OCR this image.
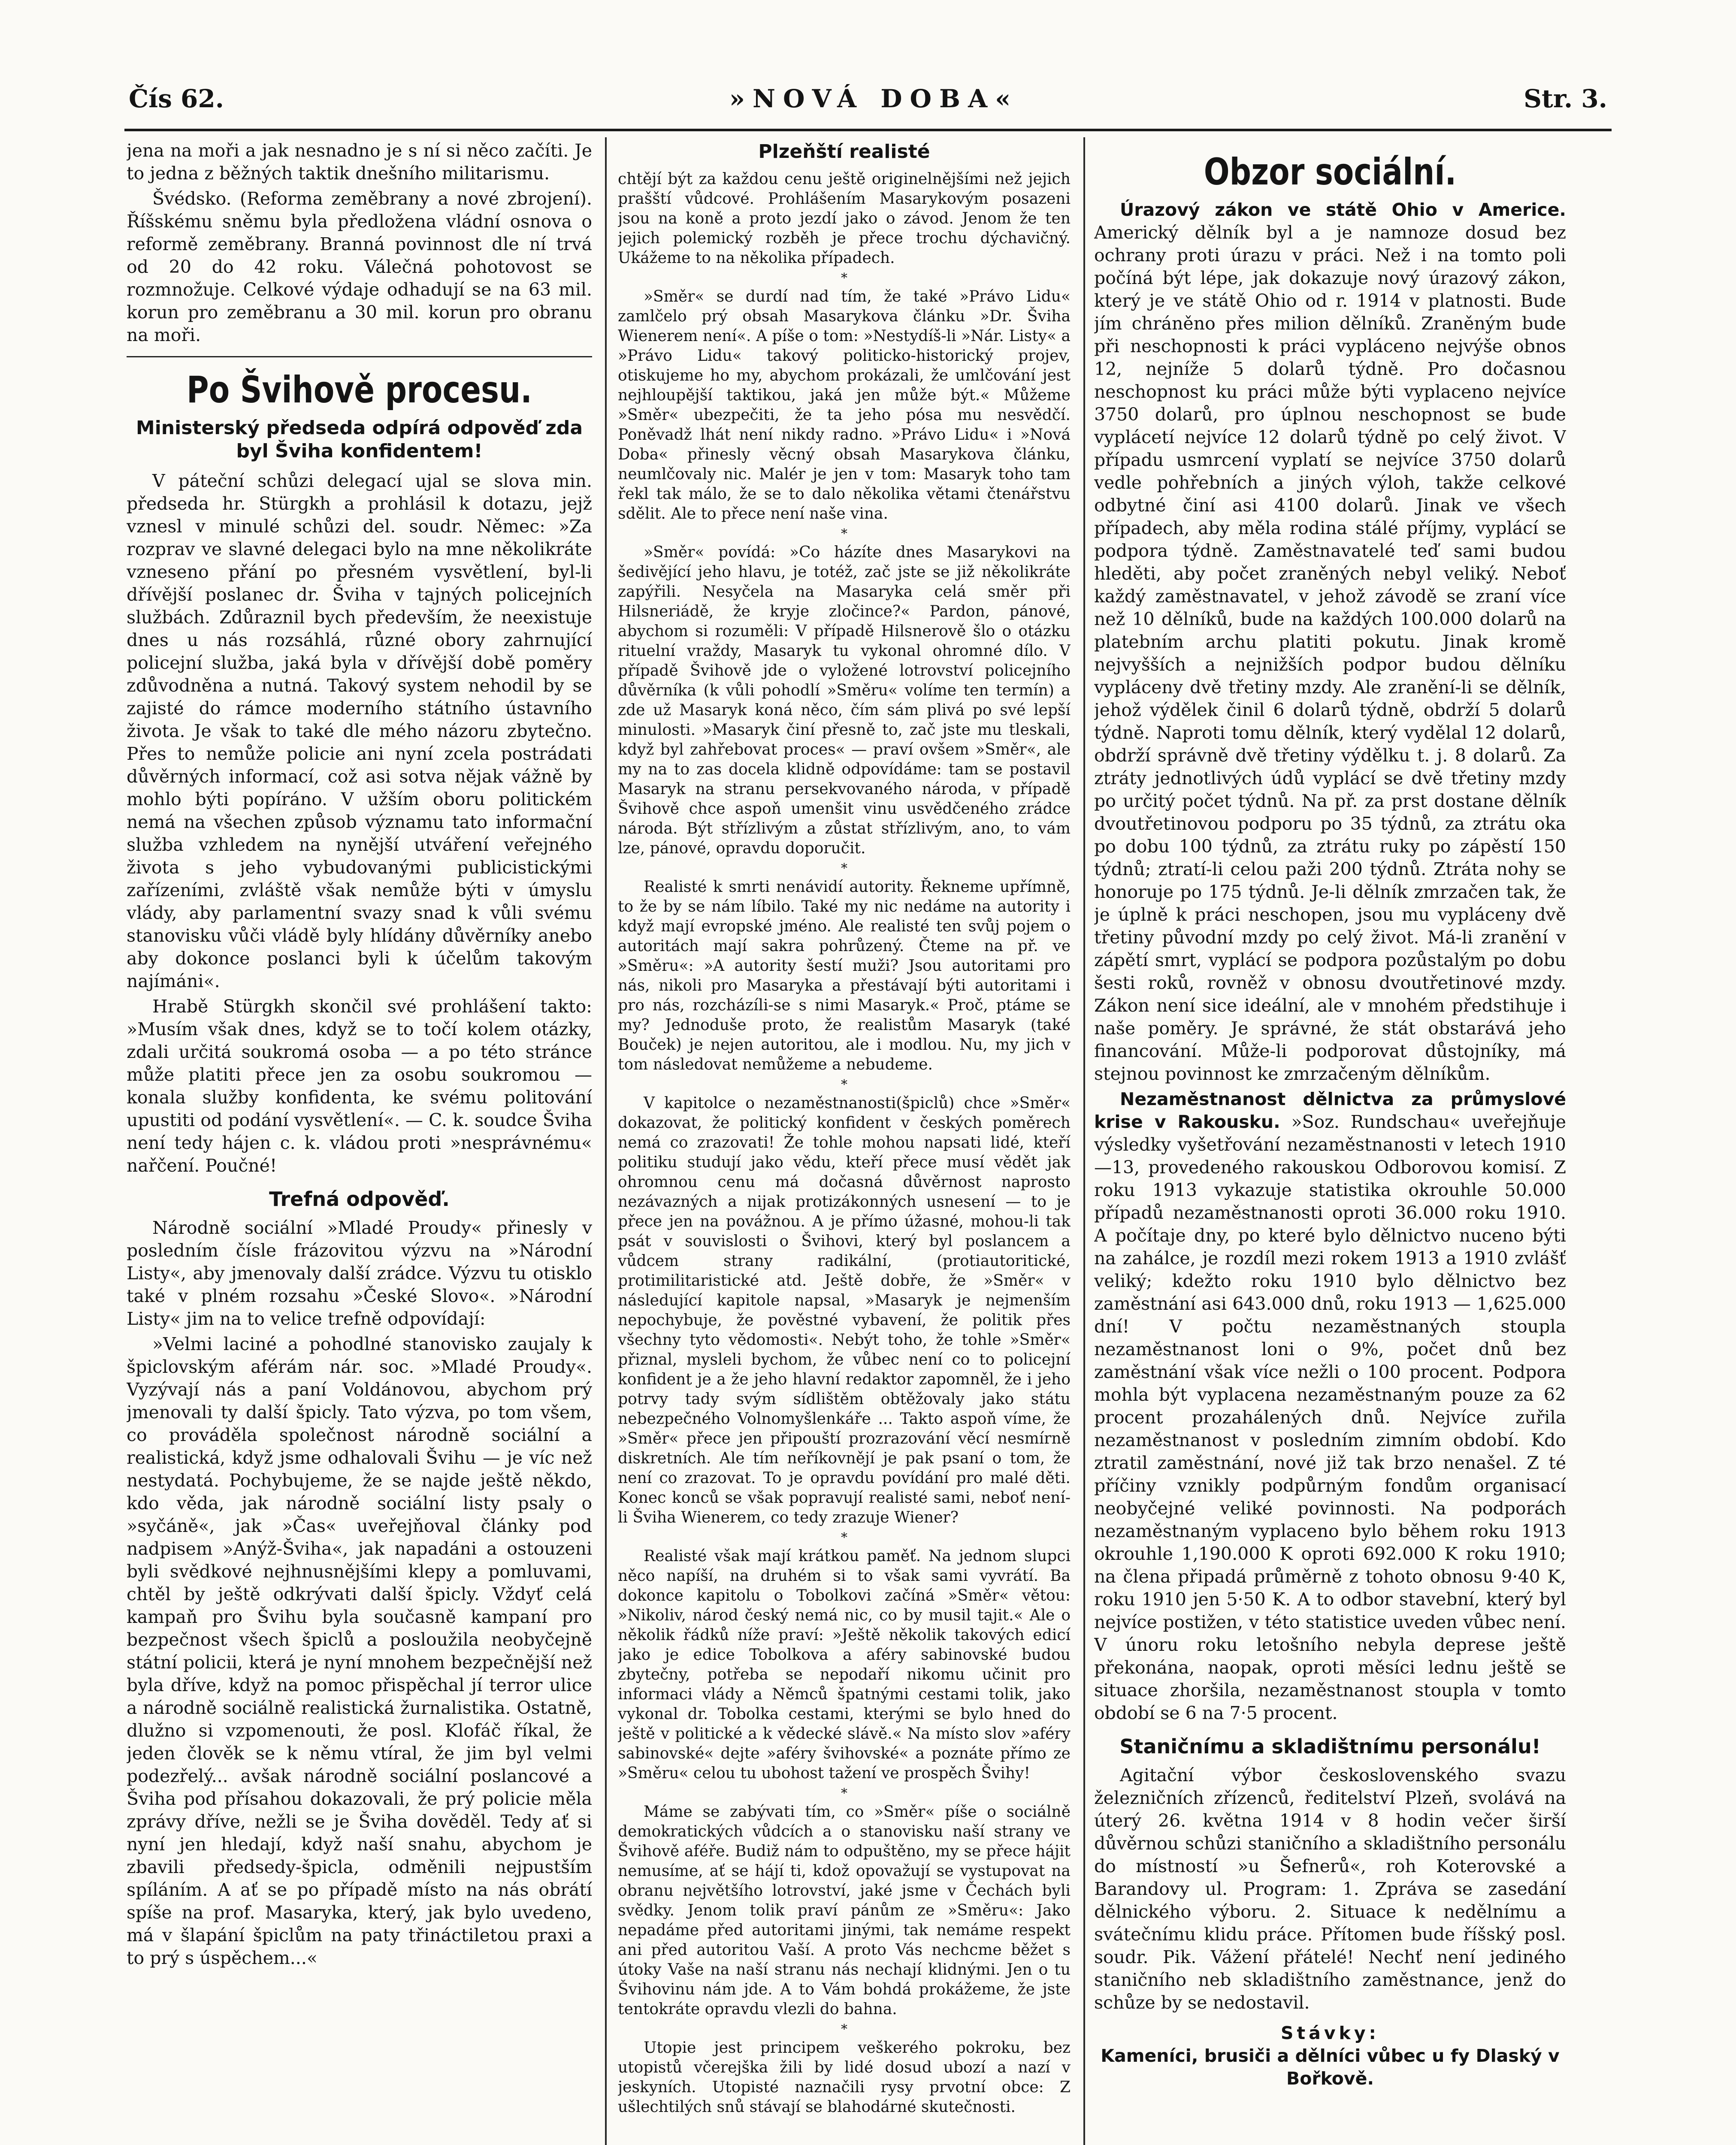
Čís 62.	»NOVÁ DOBA«	Str. 3.

jena na moři a jak nesnadno je s ní si něco začíti. Je to jedna z běžných taktik dnešního militarismu.

Švédsko. (Reforma zeměbrany a nové zbrojení). Říšskému sněmu byla předložena vládní osnova o reformě zeměbrany. Branná povinnost dle ní trvá od 20 do 42 roku. Válečná pohotovost se rozmnožuje. Celkové výdaje odhadují se na 63 mil. korun pro zeměbranu a 30 mil. korun pro obranu na moři.

Po Švihově procesu.
Ministerský předseda odpírá odpověď zda byl Šviha konfidentem!

V páteční schůzi delegací ujal se slova min. předseda hr. Stürgkh a prohlásil k dotazu, jejž vznesl v minulé schůzi del. soudr. Němec: »Za rozprav ve slavné delegaci bylo na mne několikráte vzneseno přání po přesném vysvětlení, byl-li dřívější poslanec dr. Šviha v tajných policejních službách. Zdůraznil bych především, že neexistuje dnes u nás rozsáhlá, různé obory zahrnující policejní služba, jaká byla v dřívější době poměry zdůvodněna a nutná. Takový system nehodil by se zajisté do rámce moderního státního ústavního života. Je však to také dle mého názoru zbytečno. Přes to nemůže policie ani nyní zcela postrádati důvěrných informací, což asi sotva nějak vážně by mohlo býti popíráno. V užším oboru politickém nemá na všechen způsob významu tato informační služba vzhledem na nynější utváření veřejného života s jeho vybudovanými publicistickými zařízeními, zvláště však nemůže býti v úmyslu vlády, aby parlamentní svazy snad k vůli svému stanovisku vůči vládě byly hlídány důvěrníky anebo aby dokonce poslanci byli k účelům takovým najímáni«.

Hrabě Stürgkh skončil své prohlášení takto: »Musím však dnes, když se to točí kolem otázky, zdali určitá soukromá osoba — a po této stránce může platiti přece jen za osobu soukromou — konala služby konfidenta, ke svému politování upustiti od podání vysvětlení«. — C. k. soudce Šviha není tedy hájen c. k. vládou proti »nesprávnému« nařčení. Poučné!

Trefná odpověď.

Národně sociální »Mladé Proudy« přinesly v posledním čísle frázovitou výzvu na »Národní Listy«, aby jmenovaly další zrádce. Výzvu tu otisklo také v plném rozsahu »České Slovo«. »Národní Listy« jim na to velice trefně odpovídají:

»Velmi laciné a pohodlné stanovisko zaujaly k špiclovským aférám nár. soc. »Mladé Proudy«. Vyzývají nás a paní Voldánovou, abychom prý jmenovali ty další špicly. Tato výzva, po tom všem, co prováděla společnost národně sociální a realistická, když jsme odhalovali Švihu — je víc než nestydatá. Pochybujeme, že se najde ještě někdo, kdo věda, jak národně sociální listy psaly o »syčáně«, jak »Čas« uveřejňoval články pod nadpisem »Anýž-Šviha«, jak napadáni a ostouzeni byli svědkové nejhnusnějšími klepy a pomluvami, chtěl by ještě odkrývati další špicly. Vždyť celá kampaň pro Švihu byla současně kampaní pro bezpečnost všech špiclů a posloužila neobyčejně státní policii, která je nyní mnohem bezpečnější než byla dříve, když na pomoc přispěchal jí terror ulice a národně sociálně realistická žurnalistika. Ostatně, dlužno si vzpomenouti, že posl. Klofáč říkal, že jeden člověk se k němu vtíral, že jim byl velmi podezřelý... avšak národně sociální poslancové a Šviha pod přísahou dokazovali, že prý policie měla zprávy dříve, nežli se je Šviha dověděl. Tedy ať si nyní jen hledají, když naší snahu, abychom je zbavili předsedy-špicla, odměnili nejpustším spíláním. A ať se po případě místo na nás obrátí spíše na prof. Masaryka, který, jak bylo uvedeno, má v šlapání špiclům na paty třináctiletou praxi a to prý s úspěchem...«

Plzeňští realisté

chtějí být za každou cenu ještě originelnějšími než jejich prašští vůdcové. Prohlášením Masarykovým posazeni jsou na koně a proto jezdí jako o závod. Jenom že ten jejich polemický rozběh je přece trochu dýchavičný. Ukážeme to na několika případech.

*

»Směr« se durdí nad tím, že také »Právo Lidu« zamlčelo prý obsah Masarykova článku »Dr. Šviha Wienerem není«. A píše o tom: »Nestydíš-li »Nár. Listy« a »Právo Lidu« takový politicko-historický projev, otiskujeme ho my, abychom prokázali, že umlčování jest nejhloupější taktikou, jaká jen může být.« Můžeme »Směr« ubezpečiti, že ta jeho pósa mu nesvědčí. Poněvadž lhát není nikdy radno. »Právo Lidu« i »Nová Doba« přinesly věcný obsah Masarykova článku, neumlčovaly nic. Malér je jen v tom: Masaryk toho tam řekl tak málo, že se to dalo několika větami čtenářstvu sdělit. Ale to přece není naše vina.

*

»Směr« povídá: »Co házíte dnes Masarykovi na šedivějící jeho hlavu, je totéž, zač jste se již několikráte zapýřili. Nesyčela na Masaryka celá směr při Hilsneriádě, že kryje zločince?« Pardon, pánové, abychom si rozuměli: V případě Hilsnerově šlo o otázku rituelní vraždy, Masaryk tu vykonal ohromné dílo. V případě Švihově jde o vyložené lotrovství policejního důvěrníka (k vůli pohodlí »Směru« volíme ten termín) a zde už Masaryk koná něco, čím sám plivá po své lepší minulosti. »Masaryk činí přesně to, zač jste mu tleskali, když byl zahřebovat proces« — praví ovšem »Směr«, ale my na to zas docela klidně odpovídáme: tam se postavil Masaryk na stranu persekvovaného národa, v případě Švihově chce aspoň umenšit vinu usvědčeného zrádce národa. Být střízlivým a zůstat střízlivým, ano, to vám lze, pánové, opravdu doporučit.

*

Realisté k smrti nenávidí autority. Řekneme upřímně, to že by se nám líbilo. Také my nic nedáme na autority i když mají evropské jméno. Ale realisté ten svůj pojem o autoritách mají sakra pohrůzený. Čteme na př. ve »Směru«: »A autority šestí muži? Jsou autoritami pro nás, nikoli pro Masaryka a přestávají býti autoritami i pro nás, rozcházíli-se s nimi Masaryk.« Proč, ptáme se my? Jednoduše proto, že realistům Masaryk (také Bouček) je nejen autoritou, ale i modlou. Nu, my jich v tom následovat nemůžeme a nebudeme.

*

V kapitolce o nezaměstnanosti(špiclů) chce »Směr« dokazovat, že politický konfident v českých poměrech nemá co zrazovati! Že tohle mohou napsati lidé, kteří politiku studují jako vědu, kteří přece musí vědět jak ohromnou cenu má dočasná důvěrnost naprosto nezávazných a nijak protizákonných usnesení — to je přece jen na povážnou. A je přímo úžasné, mohou-li tak psát v souvislosti o Švihovi, který byl poslancem a vůdcem strany radikální, (protiautoritické, protimilitaristické atd. Ještě dobře, že »Směr« v následující kapitole napsal, »Masaryk je nejmenším nepochybuje, že pověstné vybavení, že politik přes všechny tyto vědomosti«. Nebýt toho, že tohle »Směr« přiznal, mysleli bychom, že vůbec není co to policejní konfident je a že jeho hlavní redaktor zapomněl, že i jeho potrvy tady svým sídlištěm obtěžovaly jako státu nebezpečného Volnomyšlenkáře ... Takto aspoň víme, že »Směr« přece jen připouští prozrazování věcí nesmírně diskretních. Ale tím neříkovnějí je pak psaní o tom, že není co zrazovat. To je opravdu povídání pro malé děti. Konec konců se však popravují realisté sami, neboť není-li Šviha Wienerem, co tedy zrazuje Wiener?

*

Realisté však mají krátkou paměť. Na jednom slupci něco napíší, na druhém si to však sami vyvrátí. Ba dokonce kapitolu o Tobolkovi začíná »Směr« větou: »Nikoliv, národ český nemá nic, co by musil tajit.« Ale o několik řádků níže praví: »Ještě několik takových edicí jako je edice Tobolkova a aféry sabinovské budou zbytečny, potřeba se nepodaří nikomu učinit pro informaci vlády a Němců špatnými cestami tolik, jako vykonal dr. Tobolka cestami, kterými se bylo hned do ještě v politické a k vědecké slávě.« Na místo slov »aféry sabinovské« dejte »aféry švihovské« a poznáte přímo ze »Směru« celou tu ubohost tažení ve prospěch Švihy!

*

Máme se zabývati tím, co »Směr« píše o sociálně demokratických vůdcích a o stanovisku naší strany ve Švihově aféře. Budiž nám to odpuštěno, my se přece hájit nemusíme, ať se hájí ti, kdož opovažují se vystupovat na obranu největšího lotrovství, jaké jsme v Čechách byli svědky. Jenom tolik praví pánům ze »Směru«: Jako nepadáme před autoritami jinými, tak nemáme respekt ani před autoritou Vaší. A proto Vás nechcme běžet s útoky Vaše na naší stranu nás nechají klidnými. Jen o tu Švihovinu nám jde. A to Vám bohdá prokážeme, že jste tentokráte opravdu vlezli do bahna.

*

Utopie jest principem veškerého pokroku, bez utopistů včerejška žili by lidé dosud ubozí a nazí v jeskyních. Utopisté naznačili rysy prvotní obce: Z ušlechtilých snů stávají se blahodárné skutečnosti.

Obzor sociální.

Úrazový zákon ve státě Ohio v Americe. Americký dělník byl a je namnoze dosud bez ochrany proti úrazu v práci. Než i na tomto poli počíná být lépe, jak dokazuje nový úrazový zákon, který je ve státě Ohio od r. 1914 v platnosti. Bude jím chráněno přes milion dělníků. Zraněným bude při neschopnosti k práci vypláceno nejvýše obnos 12, nejníže 5 dolarů týdně. Pro dočasnou neschopnost ku práci může býti vyplaceno nejvíce 3750 dolarů, pro úplnou neschopnost se bude vyplácetí nejvíce 12 dolarů týdně po celý život. V případu usmrcení vyplatí se nejvíce 3750 dolarů vedle pohřebních a jiných výloh, takže celkové odbytné činí asi 4100 dolarů. Jinak ve všech případech, aby měla rodina stálé příjmy, vyplácí se podpora týdně. Zaměstnavatelé teď sami budou hleděti, aby počet zraněných nebyl veliký. Neboť každý zaměstnavatel, v jehož závodě se zraní více než 10 dělníků, bude na každých 100.000 dolarů na platebním archu platiti pokutu. Jinak kromě nejvyšších a nejnižších podpor budou dělníku vypláceny dvě třetiny mzdy. Ale zranění-li se dělník, jehož výdělek činil 6 dolarů týdně, obdrží 5 dolarů týdně. Naproti tomu dělník, který vydělal 12 dolarů, obdrží správně dvě třetiny výdělku t. j. 8 dolarů. Za ztráty jednotlivých údů vyplácí se dvě třetiny mzdy po určitý počet týdnů. Na př. za prst dostane dělník dvoutřetinovou podporu po 35 týdnů, za ztrátu oka po dobu 100 týdnů, za ztrátu ruky po zápěstí 150 týdnů; ztratí-li celou paži 200 týdnů. Ztráta nohy se honoruje po 175 týdnů. Je-li dělník zmrzačen tak, že je úplně k práci neschopen, jsou mu vypláceny dvě třetiny původní mzdy po celý život. Má-li zranění v zápětí smrt, vyplácí se podpora pozůstalým po dobu šesti roků, rovněž v obnosu dvoutřetinové mzdy. Zákon není sice ideální, ale v mnohém předstihuje i naše poměry. Je správné, že stát obstarává jeho financování. Může-li podporovat důstojníky, má stejnou povinnost ke zmrzačeným dělníkům.

Nezaměstnanost dělnictva za průmyslové krise v Rakousku. »Soz. Rundschau« uveřejňuje výsledky vyšetřování nezaměstnanosti v letech 1910—13, provedeného rakouskou Odborovou komisí. Z roku 1913 vykazuje statistika okrouhle 50.000 případů nezaměstnanosti oproti 36.000 roku 1910. A počítaje dny, po které bylo dělnictvo nuceno býti na zahálce, je rozdíl mezi rokem 1913 a 1910 zvlášť veliký; kdežto roku 1910 bylo dělnictvo bez zaměstnání asi 643.000 dnů, roku 1913 — 1,625.000 dní! V počtu nezaměstnaných stoupla nezaměstnanost loni o 9%, počet dnů bez zaměstnání však více nežli o 100 procent. Podpora mohla být vyplacena nezaměstnaným pouze za 62 procent prozahálených dnů. Nejvíce zuřila nezaměstnanost v posledním zimním období. Kdo ztratil zaměstnání, nové již tak brzo nenašel. Z té příčiny vznikly podpůrným fondům organisací neobyčejné veliké povinnosti. Na podporách nezaměstnaným vyplaceno bylo během roku 1913 okrouhle 1,190.000 K oproti 692.000 K roku 1910; na člena připadá průměrně z tohoto obnosu 9·40 K, roku 1910 jen 5·50 K. A to odbor stavební, který byl nejvíce postižen, v této statistice uveden vůbec není. V únoru roku letošního nebyla deprese ještě překonána, naopak, oproti měsíci lednu ještě se situace zhoršila, nezaměstnanost stoupla v tomto období se 6 na 7·5 procent.

Staničnímu a skladištnímu personálu!

Agitační výbor československého svazu železničních zřízenců, ředitelství Plzeň, svolává na úterý 26. května 1914 v 8 hodin večer širší důvěrnou schůzi staničního a skladištního personálu do místností »u Šefnerů«, roh Koterovské a Barandovy ul. Program: 1. Zpráva se zasedání dělnického výboru. 2. Situace k nedělnímu a svátečnímu klidu práce. Přítomen bude říšský posl. soudr. Pik. Vážení přátelé! Nechť není jediného staničního neb skladištního zaměstnance, jenž do schůze by se nedostavil.

Stávky:
Kameníci, brusiči a dělníci vůbec u fy Dlaský v Bořkově.
